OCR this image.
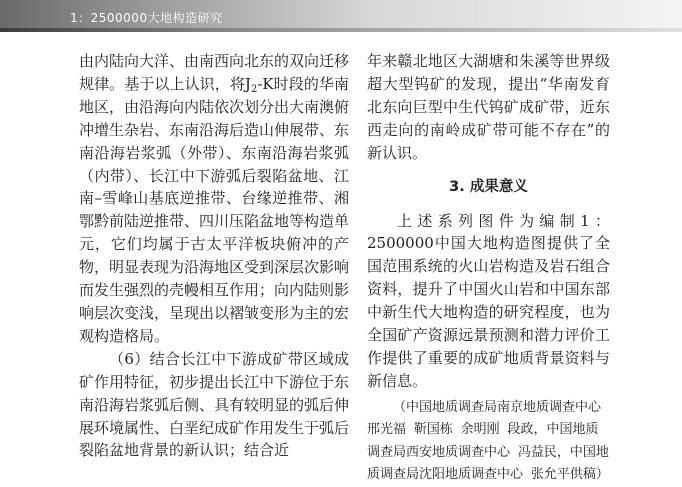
1：2500000大地构造研究

由内陆向大洋、由南西向北东的双向迁移规律。基于以上认识，将$J_2-K$时段的华南地区，由沿海向内陆依次划分出大南澳俯冲增生杂岩、东南沿海后造山伸展带、东南沿海岩浆弧（外带）、东南沿海岩浆弧（内带）、长江中下游弧后裂陷盆地、江南–雪峰山基底逆推带、台缘逆推带、湘鄂黔前陆逆推带、四川压陷盆地等构造单元，它们均属于古太平洋板块俯冲的产物，明显表现为沿海地区受到深层次影响而发生强烈的壳幔相互作用；向内陆则影响层次变浅，呈现出以褶皱变形为主的宏观构造格局。

（6）结合长江中下游成矿带区域成矿作用特征，初步提出长江中下游位于东南沿海岩浆弧后侧、具有较明显的弧后伸展环境属性、白垩纪成矿作用发生于弧后裂陷盆地背景的新认识；结合近

年来赣北地区大湖塘和朱溪等世界级超大型钨矿的发现，提出“华南发育北东向巨型中生代钨矿成矿带，近东西走向的南岭成矿带可能不存在”的新认识。

3. 成果意义

上述系列图件为编制1：2500000中国大地构造图提供了全国范围系统的火山岩构造及岩石组合资料，提升了中国火山岩和中国东部中新生代大地构造的研究程度，也为全国矿产资源远景预测和潜力评价工作提供了重要的成矿地质背景资料与新信息。

（中国地质调查局南京地质调查中心 邢光福 靳国栋 余明刚 段政，中国地质调查局西安地质调查中心 冯益民，中国地质调查局沈阳地质调查中心 张允平供稿）
